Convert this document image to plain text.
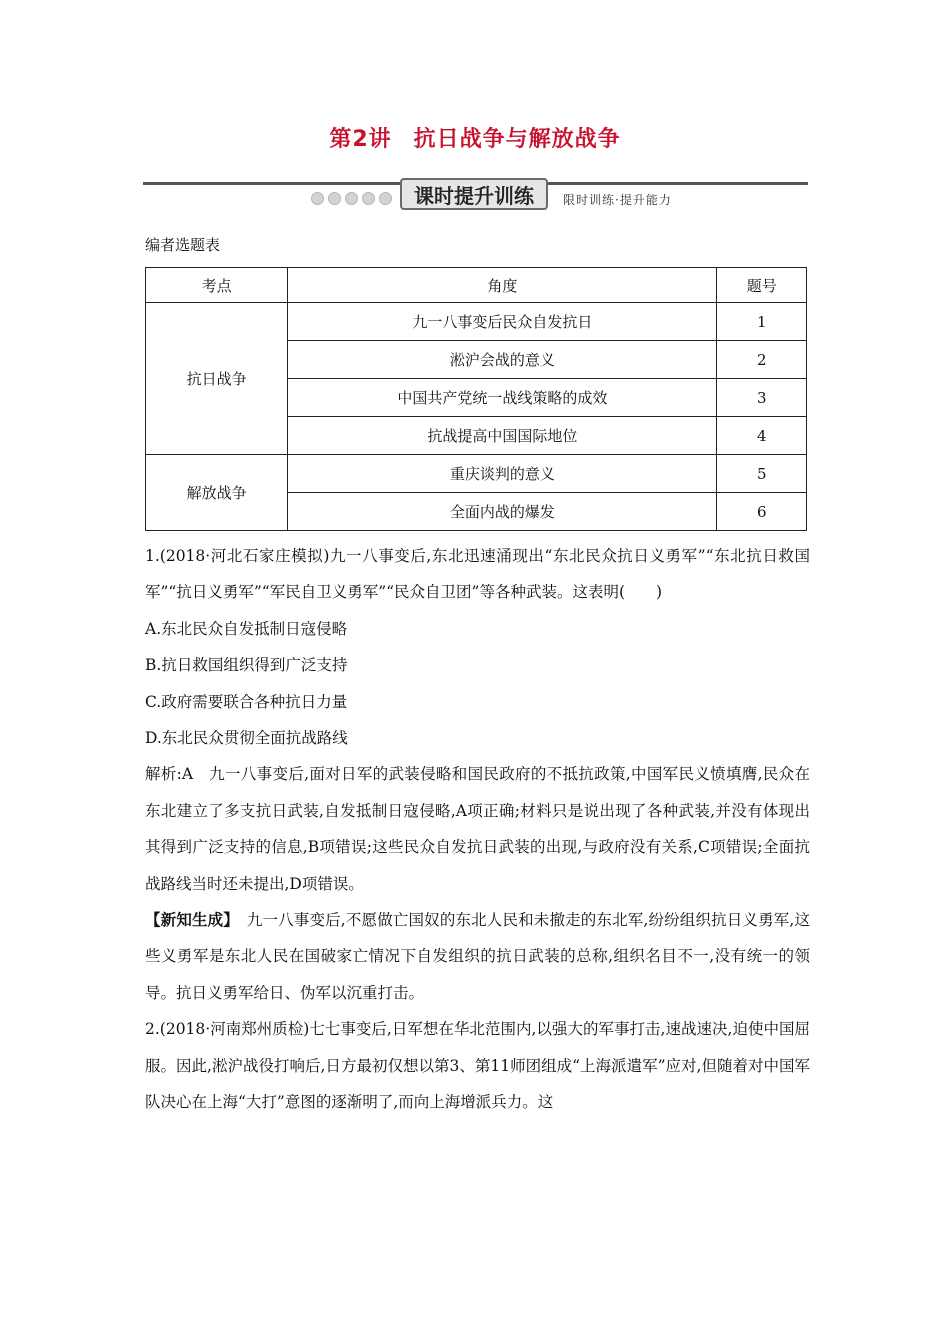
第2讲 抗日战争与解放战争
课时提升训练	限时训练·提升能力
编者选题表
考点	角度	题号
抗日战争	九一八事变后民众自发抗日	1
	淞沪会战的意义	2
	中国共产党统一战线策略的成效	3
	抗战提高中国国际地位	4
解放战争	重庆谈判的意义	5
	全面内战的爆发	6

1.(2018·河北石家庄模拟)九一八事变后,东北迅速涌现出“东北民众抗日义勇军”“东北抗日救国军”“抗日义勇军”“军民自卫义勇军”“民众自卫团”等各种武装。这表明(　　)

A.东北民众自发抵制日寇侵略

B.抗日救国组织得到广泛支持

C.政府需要联合各种抗日力量

D.东北民众贯彻全面抗战路线

解析:A　九一八事变后,面对日军的武装侵略和国民政府的不抵抗政策,中国军民义愤填膺,民众在东北建立了多支抗日武装,自发抵制日寇侵略,A项正确;材料只是说出现了各种武装,并没有体现出其得到广泛支持的信息,B项错误;这些民众自发抗日武装的出现,与政府没有关系,C项错误;全面抗战路线当时还未提出,D项错误。

【新知生成】　九一八事变后,不愿做亡国奴的东北人民和未撤走的东北军,纷纷组织抗日义勇军,这些义勇军是东北人民在国破家亡情况下自发组织的抗日武装的总称,组织名目不一,没有统一的领导。抗日义勇军给日、伪军以沉重打击。

2.(2018·河南郑州质检)七七事变后,日军想在华北范围内,以强大的军事打击,速战速决,迫使中国屈服。因此,淞沪战役打响后,日方最初仅想以第3、第11师团组成“上海派遣军”应对,但随着对中国军队决心在上海“大打”意图的逐渐明了,而向上海增派兵力。这
